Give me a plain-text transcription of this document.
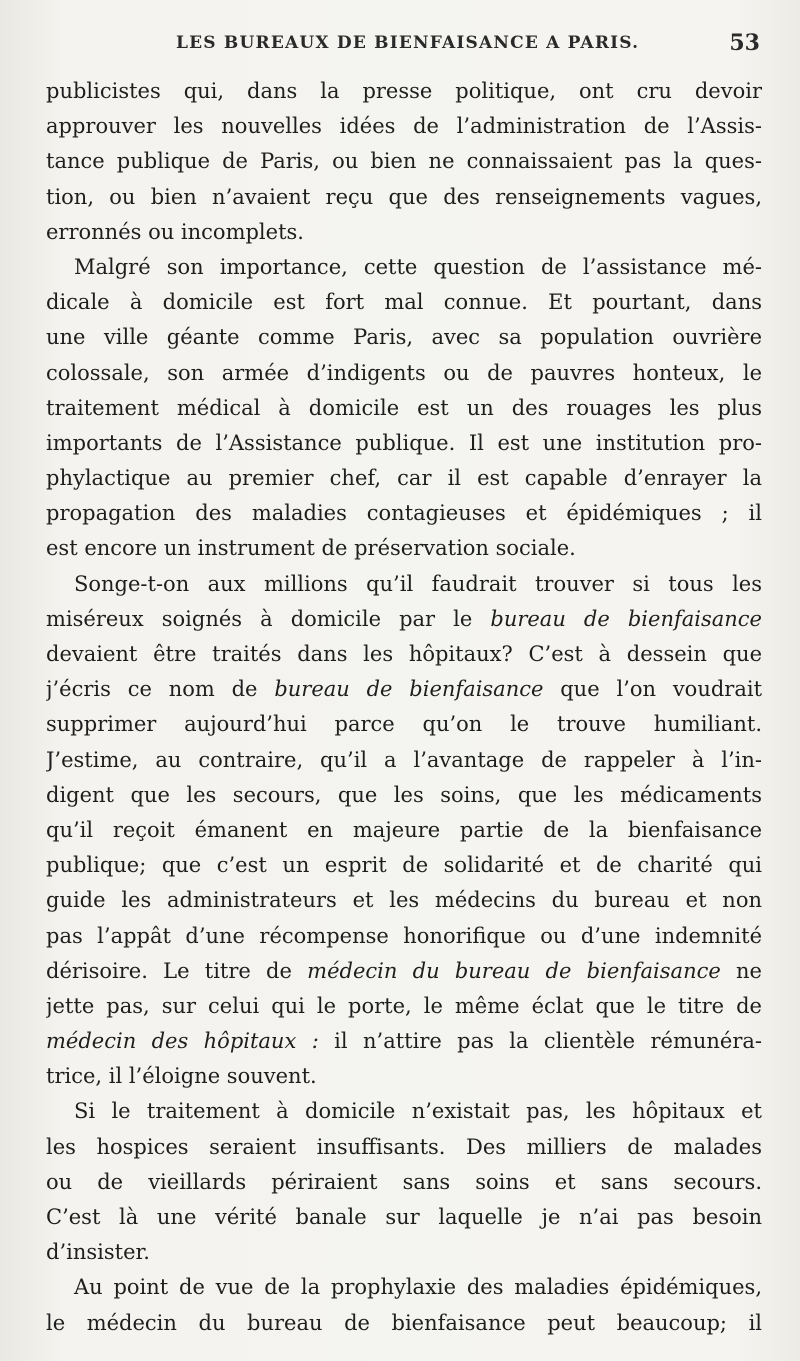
LES BUREAUX DE BIENFAISANCE A PARIS.	53
publicistes qui, dans la presse politique, ont cru devoir
approuver les nouvelles idées de l’administration de l’Assis-
tance publique de Paris, ou bien ne connaissaient pas la ques-
tion, ou bien n’avaient reçu que des renseignements vagues,
erronnés ou incomplets.
Malgré son importance, cette question de l’assistance mé-
dicale à domicile est fort mal connue. Et pourtant, dans
une ville géante comme Paris, avec sa population ouvrière
colossale, son armée d’indigents ou de pauvres honteux, le
traitement médical à domicile est un des rouages les plus
importants de l’Assistance publique. Il est une institution pro-
phylactique au premier chef, car il est capable d’enrayer la
propagation des maladies contagieuses et épidémiques ; il
est encore un instrument de préservation sociale.
Songe-t-on aux millions qu’il faudrait trouver si tous les
miséreux soignés à domicile par le bureau de bienfaisance
devaient être traités dans les hôpitaux? C’est à dessein que
j’écris ce nom de bureau de bienfaisance que l’on voudrait
supprimer aujourd’hui parce qu’on le trouve humiliant.
J’estime, au contraire, qu’il a l’avantage de rappeler à l’in-
digent que les secours, que les soins, que les médicaments
qu’il reçoit émanent en majeure partie de la bienfaisance
publique; que c’est un esprit de solidarité et de charité qui
guide les administrateurs et les médecins du bureau et non
pas l’appât d’une récompense honorifique ou d’une indemnité
dérisoire. Le titre de médecin du bureau de bienfaisance ne
jette pas, sur celui qui le porte, le même éclat que le titre de
médecin des hôpitaux : il n’attire pas la clientèle rémunéra-
trice, il l’éloigne souvent.
Si le traitement à domicile n’existait pas, les hôpitaux et
les hospices seraient insuffisants. Des milliers de malades
ou de vieillards périraient sans soins et sans secours.
C’est là une vérité banale sur laquelle je n’ai pas besoin
d’insister.
Au point de vue de la prophylaxie des maladies épidémiques,
le médecin du bureau de bienfaisance peut beaucoup; il
